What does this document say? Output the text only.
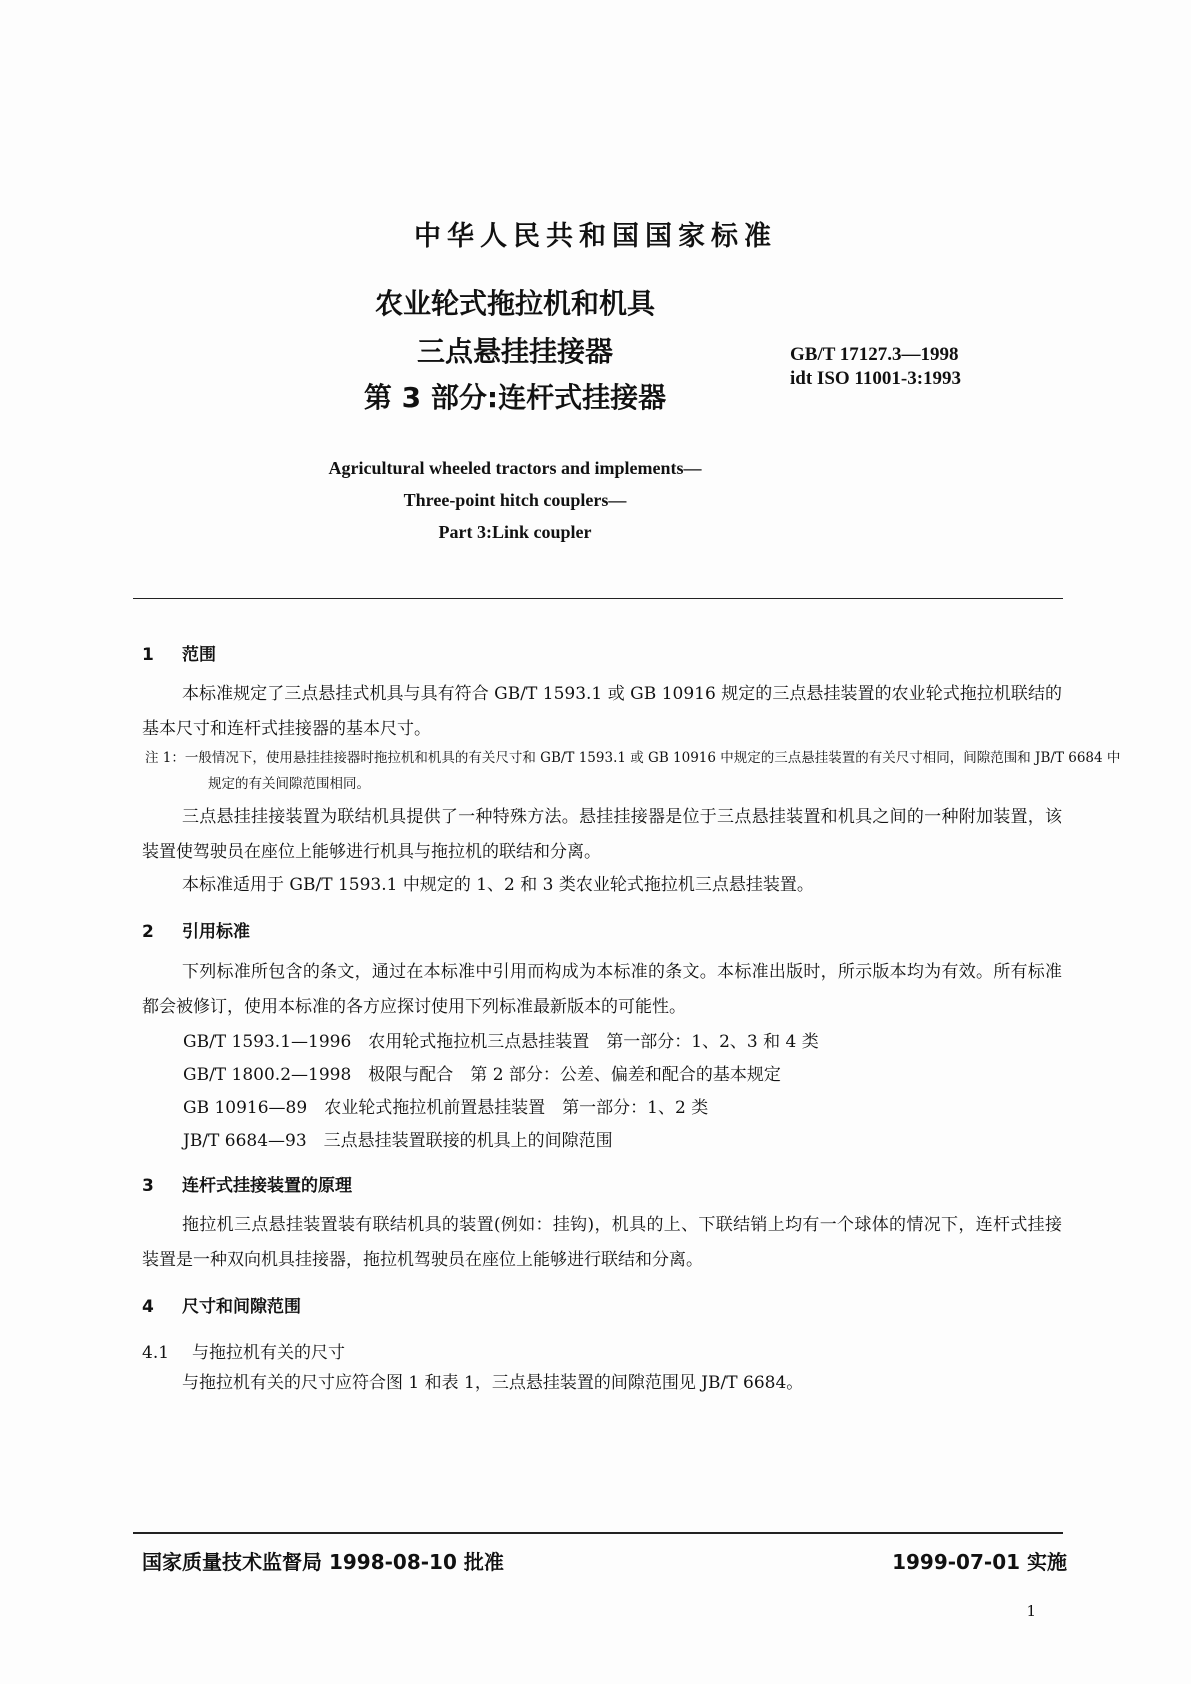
中华人民共和国国家标准
农业轮式拖拉机和机具
三点悬挂挂接器
第 3 部分:连杆式挂接器
GB/T 17127.3—1998
idt ISO 11001-3:1993
Agricultural wheeled tractors and implements—
Three-point hitch couplers—
Part 3:Link coupler
1 范围
本标准规定了三点悬挂式机具与具有符合 GB/T 1593.1 或 GB 10916 规定的三点悬挂装置的农业轮式拖拉机联结的基本尺寸和连杆式挂接器的基本尺寸。
注 1：一般情况下，使用悬挂挂接器时拖拉机和机具的有关尺寸和 GB/T 1593.1 或 GB 10916 中规定的三点悬挂装置的有关尺寸相同，间隙范围和 JB/T 6684 中规定的有关间隙范围相同。
三点悬挂挂接装置为联结机具提供了一种特殊方法。悬挂挂接器是位于三点悬挂装置和机具之间的一种附加装置，该装置使驾驶员在座位上能够进行机具与拖拉机的联结和分离。
本标准适用于 GB/T 1593.1 中规定的 1、2 和 3 类农业轮式拖拉机三点悬挂装置。
2 引用标准
下列标准所包含的条文，通过在本标准中引用而构成为本标准的条文。本标准出版时，所示版本均为有效。所有标准都会被修订，使用本标准的各方应探讨使用下列标准最新版本的可能性。
GB/T 1593.1—1996　农用轮式拖拉机三点悬挂装置　第一部分：1、2、3 和 4 类
GB/T 1800.2—1998　极限与配合　第 2 部分：公差、偏差和配合的基本规定
GB 10916—89　农业轮式拖拉机前置悬挂装置　第一部分：1、2 类
JB/T 6684—93　三点悬挂装置联接的机具上的间隙范围
3 连杆式挂接装置的原理
拖拉机三点悬挂装置装有联结机具的装置(例如：挂钩)，机具的上、下联结销上均有一个球体的情况下，连杆式挂接装置是一种双向机具挂接器，拖拉机驾驶员在座位上能够进行联结和分离。
4 尺寸和间隙范围
4.1 与拖拉机有关的尺寸
与拖拉机有关的尺寸应符合图 1 和表 1，三点悬挂装置的间隙范围见 JB/T 6684。
国家质量技术监督局 1998-08-10 批准	1999-07-01 实施
1
